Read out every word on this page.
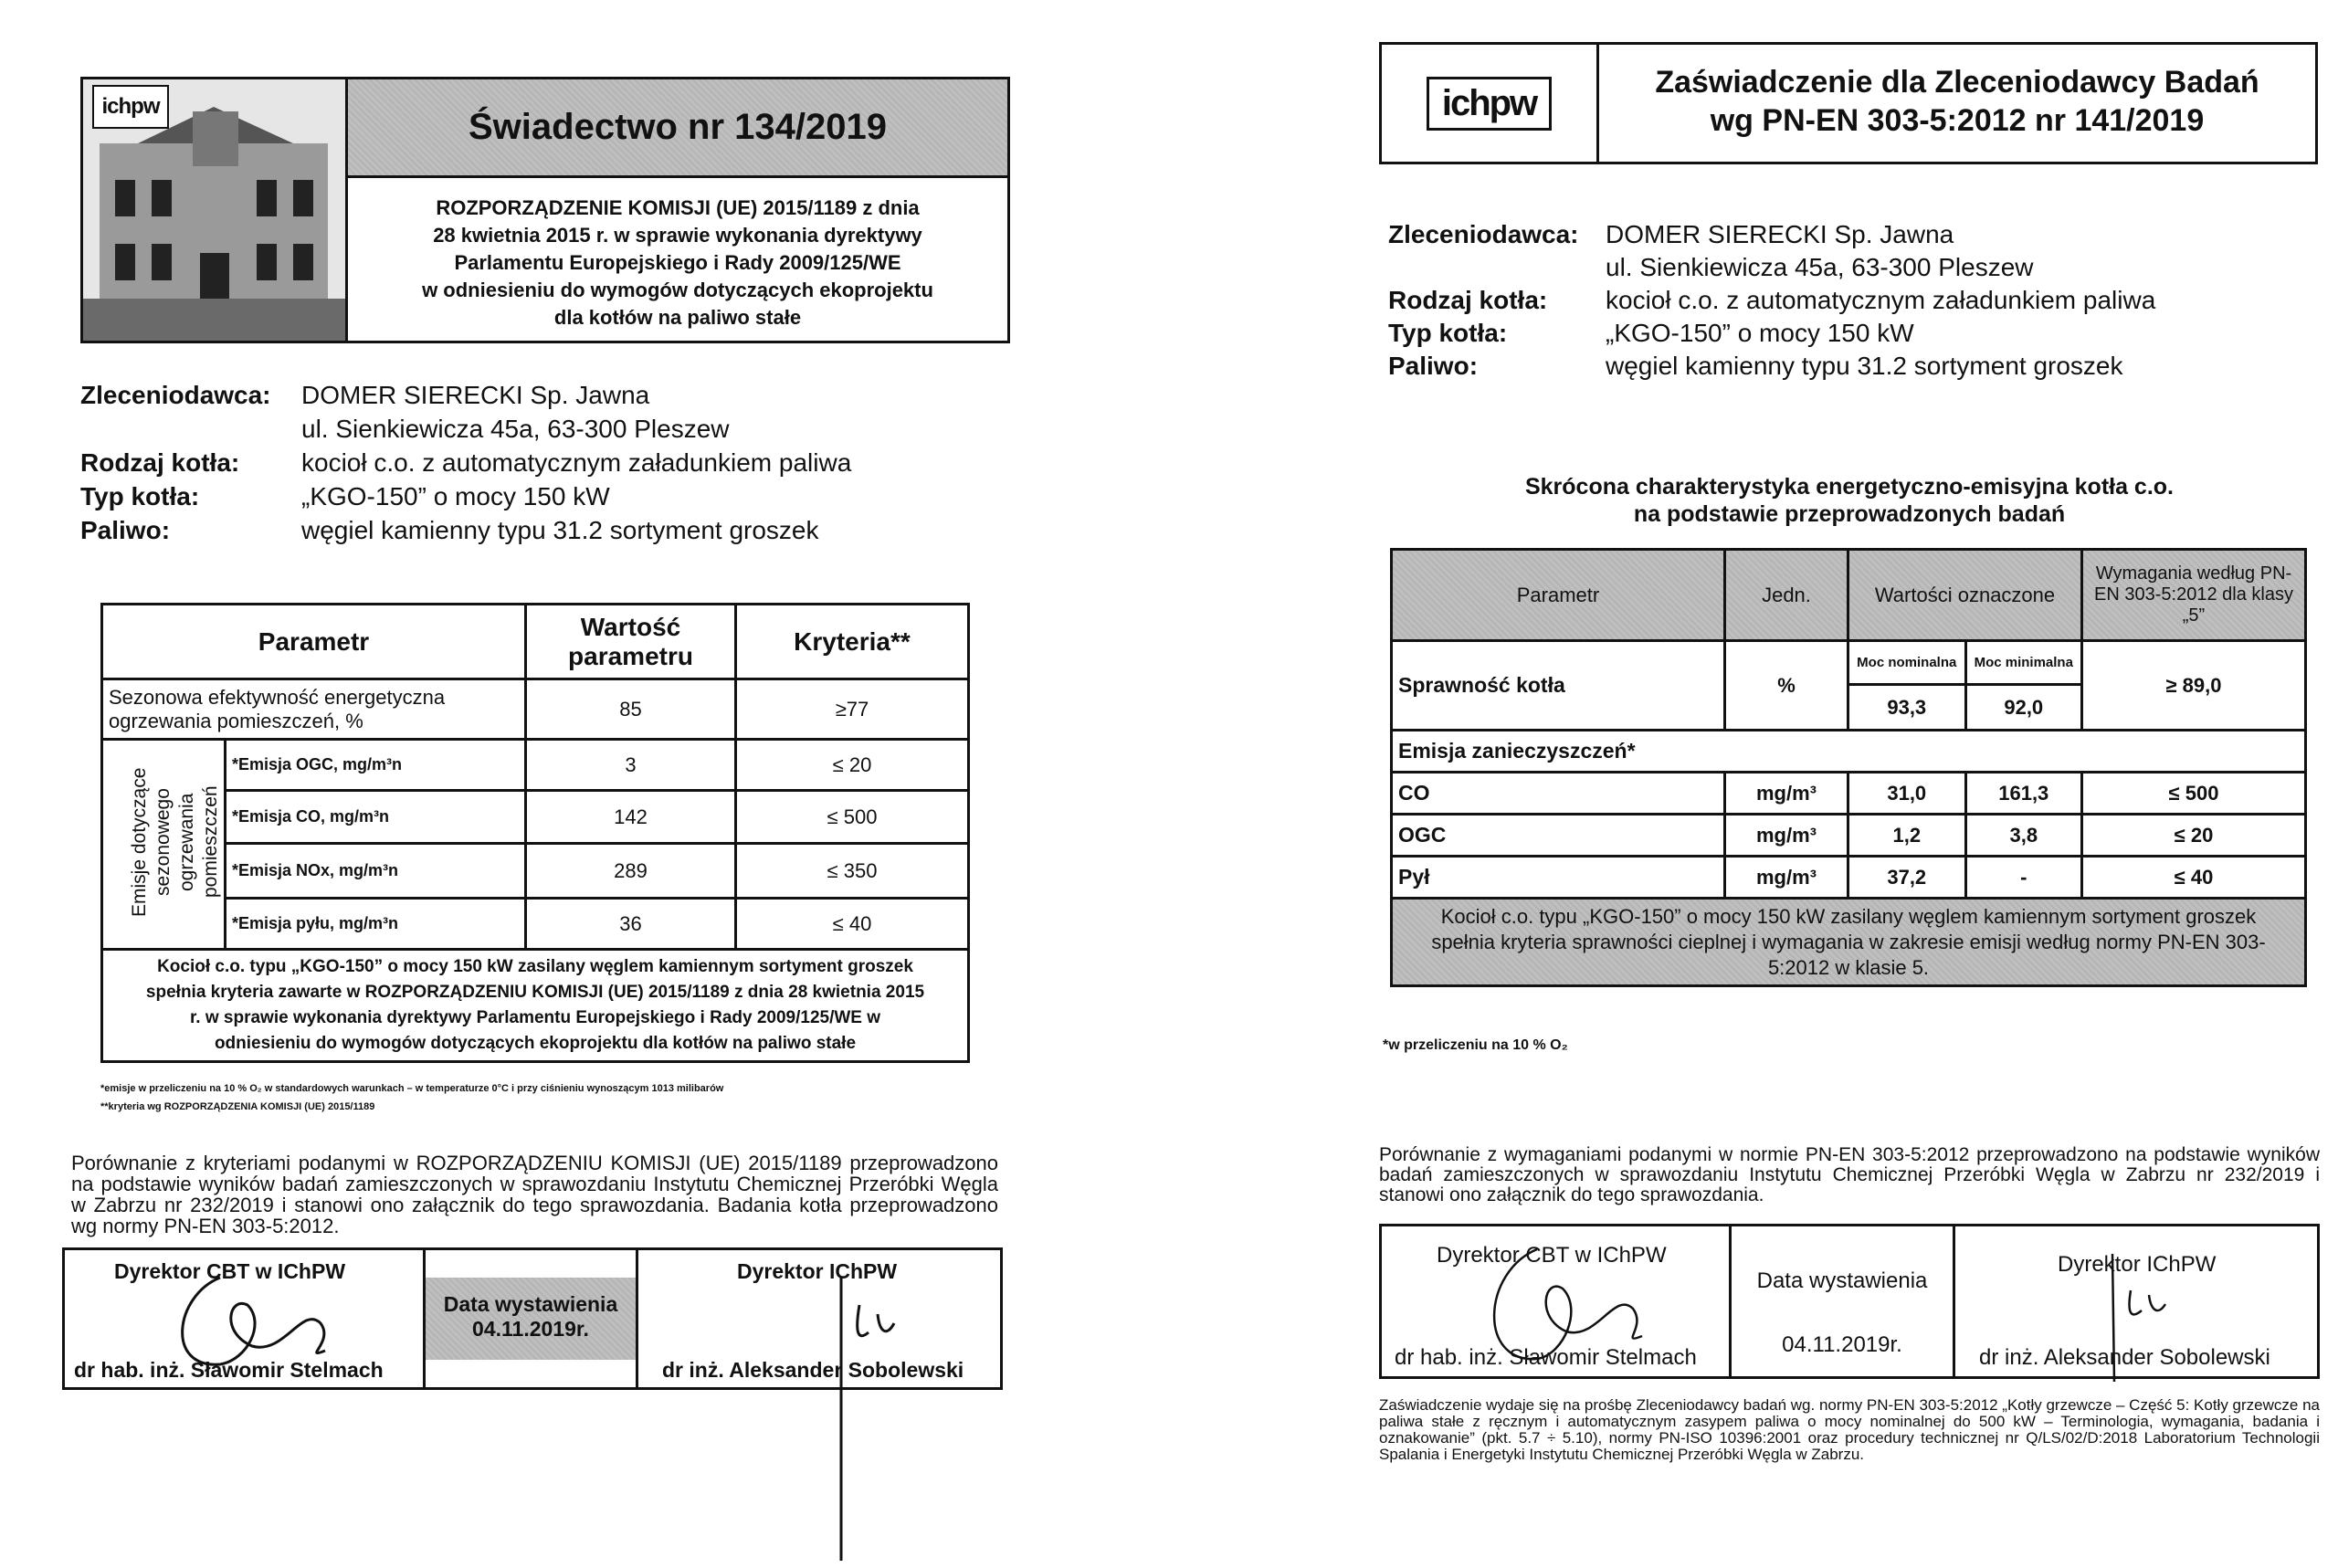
ichpw
Świadectwo nr 134/2019
ROZPORZĄDZENIE KOMISJI (UE) 2015/1189 z dnia
28 kwietnia 2015 r. w sprawie wykonania dyrektywy
Parlamentu Europejskiego i Rady 2009/125/WE
w odniesieniu do wymogów dotyczących ekoprojektu
dla kotłów na paliwo stałe
Zleceniodawca: DOMER SIERECKI Sp. Jawna
ul. Sienkiewicza 45a, 63-300 Pleszew
Rodzaj kotła: kocioł c.o. z automatycznym załadunkiem paliwa
Typ kotła:	„KGO-150” o mocy 150 kW
Paliwo:	węgiel kamienny typu 31.2 sortyment groszek
Parametr		Wartość parametru	Kryteria**
Sezonowa efektywność energetyczna ogrzewania pomieszczeń, %		85	≥77
Emisje dotyczące sezonowego ogrzewania pomieszczeń	*Emisja OGC, mg/m³n	3	≤ 20
	*Emisja CO, mg/m³n	142	≤ 500
	*Emisja NOx, mg/m³n	289	≤ 350
	*Emisja pyłu, mg/m³n	36	≤ 40
Kocioł c.o. typu „KGO-150” o mocy 150 kW zasilany węglem kamiennym sortyment groszek spełnia kryteria zawarte w ROZPORZĄDZENIU KOMISJI (UE) 2015/1189 z dnia 28 kwietnia 2015 r. w sprawie wykonania dyrektywy Parlamentu Europejskiego i Rady 2009/125/WE w odniesieniu do wymogów dotyczących ekoprojektu dla kotłów na paliwo stałe			
*emisje w przeliczeniu na 10 % O₂ w standardowych warunkach – w temperaturze 0°C i przy ciśnieniu wynoszącym 1013 milibarów
**kryteria wg ROZPORZĄDZENIA KOMISJI (UE) 2015/1189
Porównanie z kryteriami podanymi w ROZPORZĄDZENIU KOMISJI (UE) 2015/1189 przeprowadzono na podstawie wyników badań zamieszczonych w sprawozdaniu Instytutu Chemicznej Przeróbki Węgla w Zabrzu nr 232/2019 i stanowi ono załącznik do tego sprawozdania. Badania kotła przeprowadzono wg normy PN-EN 303-5:2012.
Dyrektor CBT w IChPW
dr hab. inż. Sławomir Stelmach
Data wystawienia
04.11.2019r.
Dyrektor IChPW
dr inż. Aleksander Sobolewski
ichpw
Zaświadczenie dla Zleceniodawcy Badań
wg PN-EN 303-5:2012 nr 141/2019
Zleceniodawca: DOMER SIERECKI Sp. Jawna
ul. Sienkiewicza 45a, 63-300 Pleszew
Rodzaj kotła: kocioł c.o. z automatycznym załadunkiem paliwa
Typ kotła:	„KGO-150” o mocy 150 kW
Paliwo:	węgiel kamienny typu 31.2 sortyment groszek
Skrócona charakterystyka energetyczno-emisyjna kotła c.o.
na podstawie przeprowadzonych badań
Parametr	Jedn.	Wartości oznaczone		Wymagania według PN-EN 303-5:2012 dla klasy „5”
Sprawność kotła	%	Moc nominalna	Moc minimalna	≥ 89,0
		93,3	92,0	
Emisja zanieczyszczeń*				
CO	mg/m³	31,0	161,3	≤ 500
OGC	mg/m³	1,2	3,8	≤ 20
Pył	mg/m³	37,2	-	≤ 40
Kocioł c.o. typu „KGO-150” o mocy 150 kW zasilany węglem kamiennym sortyment groszek spełnia kryteria sprawności cieplnej i wymagania w zakresie emisji według normy PN-EN 303-5:2012 w klasie 5.				
*w przeliczeniu na 10 % O₂
Porównanie z wymaganiami podanymi w normie PN-EN 303-5:2012 przeprowadzono na podstawie wyników badań zamieszczonych w sprawozdaniu Instytutu Chemicznej Przeróbki Węgla w Zabrzu nr 232/2019 i stanowi ono załącznik do tego sprawozdania.
Dyrektor CBT w IChPW
dr hab. inż. Sławomir Stelmach
Data wystawienia
04.11.2019r.
Dyrektor IChPW
dr inż. Aleksander Sobolewski
Zaświadczenie wydaje się na prośbę Zleceniodawcy badań wg. normy PN-EN 303-5:2012 „Kotły grzewcze – Część 5: Kotły grzewcze na paliwa stałe z ręcznym i automatycznym zasypem paliwa o mocy nominalnej do 500 kW – Terminologia, wymagania, badania i oznakowanie” (pkt. 5.7 ÷ 5.10), normy PN-ISO 10396:2001 oraz procedury technicznej nr Q/LS/02/D:2018 Laboratorium Technologii Spalania i Energetyki Instytutu Chemicznej Przeróbki Węgla w Zabrzu.
